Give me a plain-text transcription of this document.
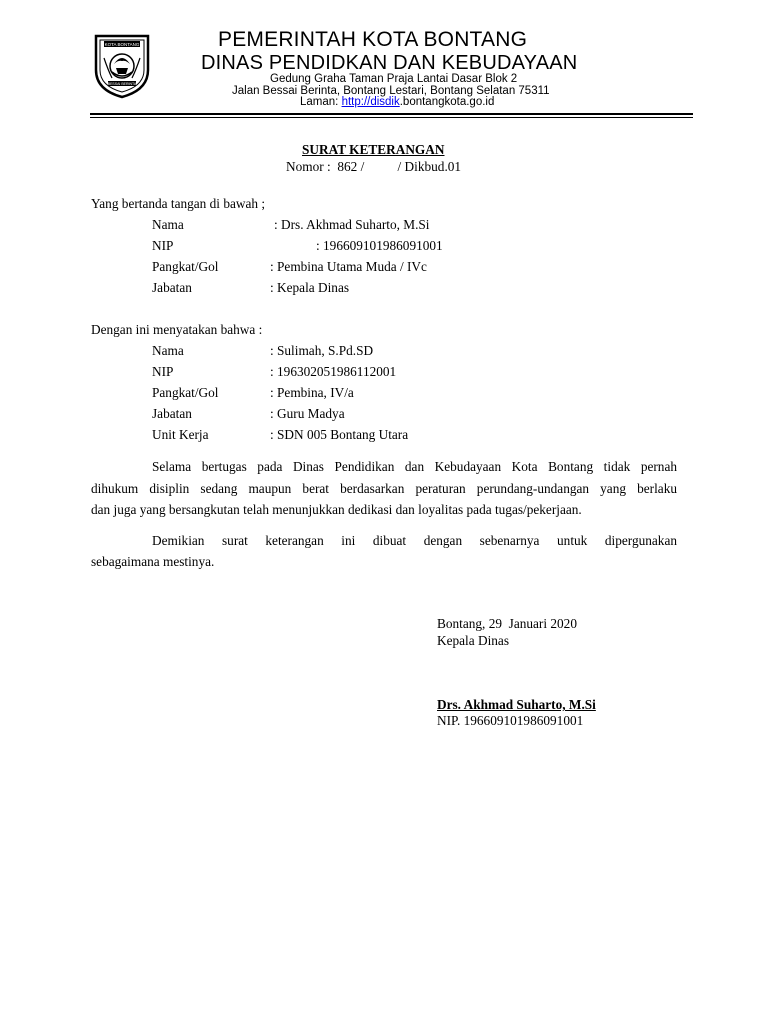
KOTA BONTANG
BESSAI BERINTA
PEMERINTAH KOTA BONTANG
DINAS PENDIDKAN DAN KEBUDAYAAN
Gedung Graha Taman Praja Lantai Dasar Blok 2
Jalan Bessai Berinta, Bontang Lestari, Bontang Selatan 75311
Laman: http://disdik.bontangkota.go.id
SURAT KETERANGAN
Nomor :  862 /          / Dikbud.01
Yang bertanda tangan di bawah ;
Nama	: Drs. Akhmad Suharto, M.Si
NIP	: 196609101986091001
Pangkat/Gol	: Pembina Utama Muda / IVc
Jabatan	: Kepala Dinas
Dengan ini menyatakan bahwa :
Nama	: Sulimah, S.Pd.SD
NIP	: 196302051986112001
Pangkat/Gol	: Pembina, IV/a
Jabatan	: Guru Madya
Unit Kerja	: SDN 005 Bontang Utara
Selama bertugas pada Dinas Pendidikan dan Kebudayaan Kota Bontang tidak pernah
dihukum disiplin sedang maupun berat berdasarkan peraturan perundang-undangan yang berlaku
dan juga yang bersangkutan telah menunjukkan dedikasi dan loyalitas pada tugas/pekerjaan.
Demikian surat keterangan ini dibuat dengan sebenarnya untuk dipergunakan
sebagaimana mestinya.
Bontang, 29  Januari 2020
Kepala Dinas
Drs. Akhmad Suharto, M.Si
NIP. 196609101986091001
